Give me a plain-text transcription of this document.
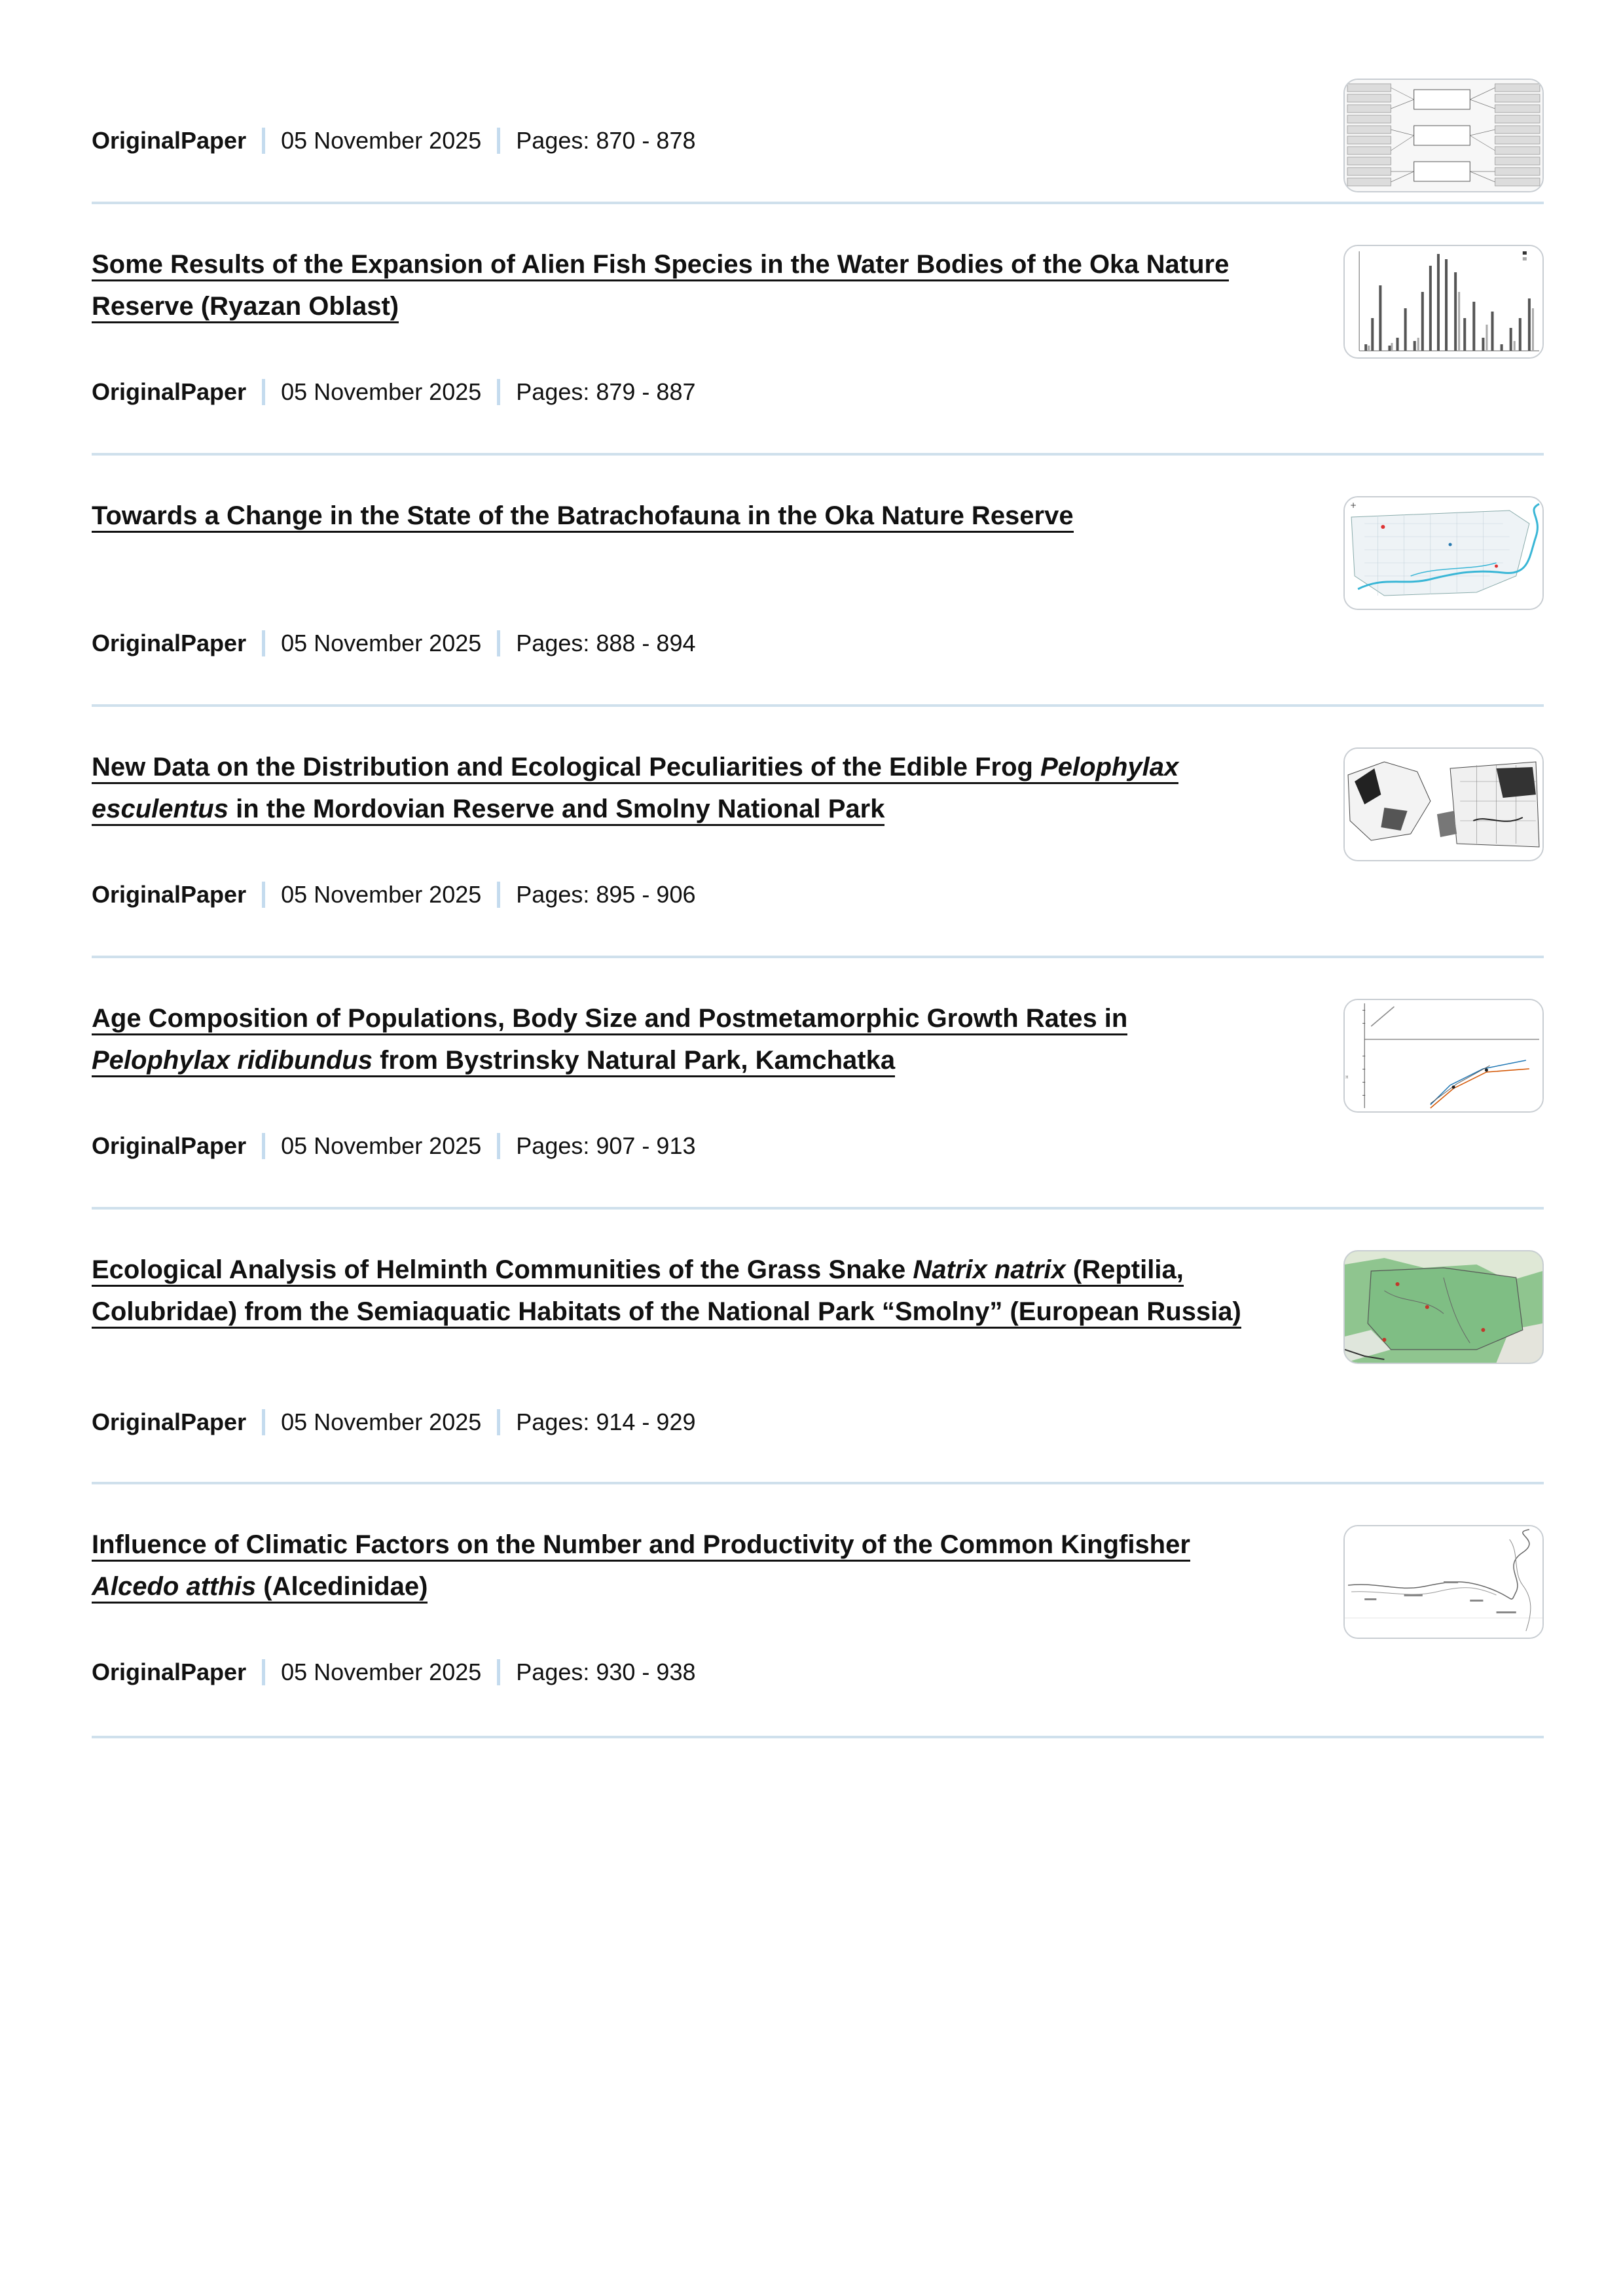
OriginalPaper 05 November 2025 Pages: 870 - 878
Some Results of the Expansion of Alien Fish Species in the Water Bodies of the Oka Nature Reserve (Ryazan Oblast)
OriginalPaper 05 November 2025 Pages: 879 - 887
Towards a Change in the State of the Batrachofauna in the Oka Nature Reserve
OriginalPaper 05 November 2025 Pages: 888 - 894
+
New Data on the Distribution and Ecological Peculiarities of the Edible Frog Pelophylax esculentus in the Mordovian Reserve and Smolny National Park
OriginalPaper 05 November 2025 Pages: 895 - 906
Age Composition of Populations, Body Size and Postmetamorphic Growth Rates in Pelophylax ridibundus from Bystrinsky Natural Park, Kamchatka
OriginalPaper 05 November 2025 Pages: 907 - 913
ᴴ
Ecological Analysis of Helminth Communities of the Grass Snake Natrix natrix (Reptilia, Colubridae) from the Semiaquatic Habitats of the National Park “Smolny” (European Russia)
OriginalPaper 05 November 2025 Pages: 914 - 929
Influence of Climatic Factors on the Number and Productivity of the Common Kingfisher Alcedo atthis (Alcedinidae)
OriginalPaper 05 November 2025 Pages: 930 - 938
